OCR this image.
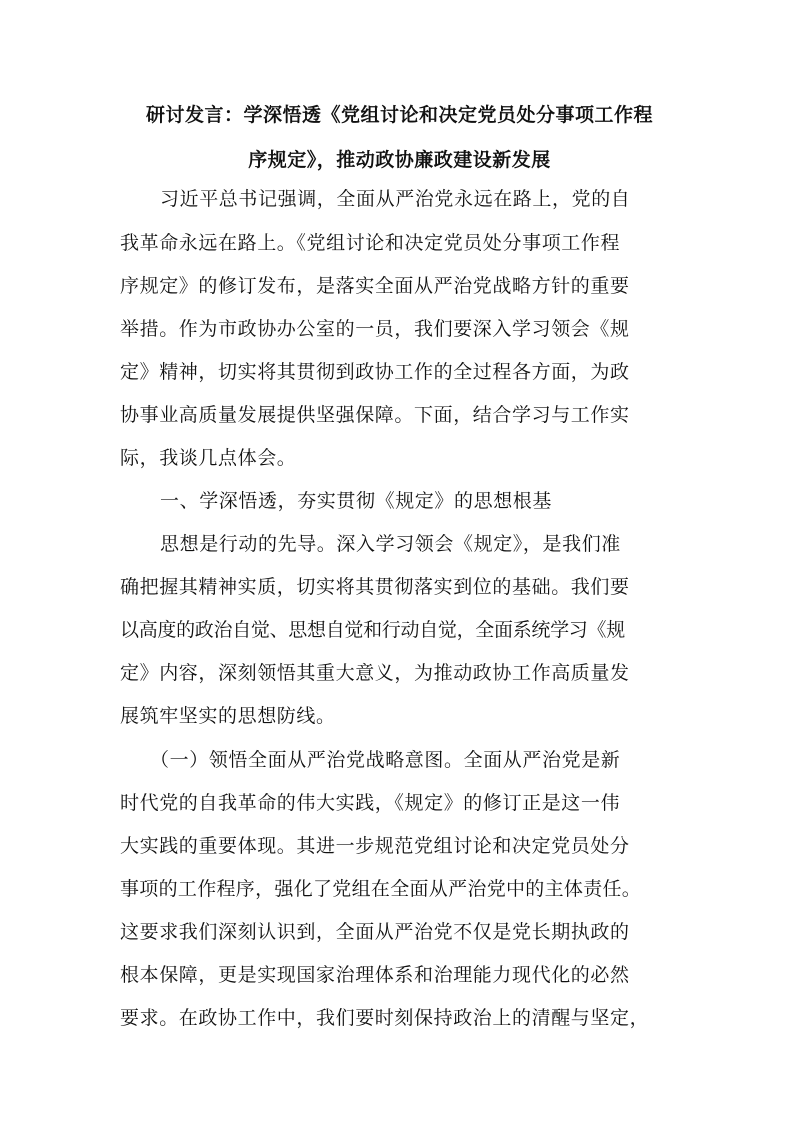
研讨发言：学深悟透《党组讨论和决定党员处分事项工作程
序规定》，推动政协廉政建设新发展
习近平总书记强调，全面从严治党永远在路上，党的自
我革命永远在路上。《党组讨论和决定党员处分事项工作程
序规定》的修订发布，是落实全面从严治党战略方针的重要
举措。作为市政协办公室的一员，我们要深入学习领会《规
定》精神，切实将其贯彻到政协工作的全过程各方面，为政
协事业高质量发展提供坚强保障。下面，结合学习与工作实
际，我谈几点体会。
一、学深悟透，夯实贯彻《规定》的思想根基
思想是行动的先导。深入学习领会《规定》，是我们准
确把握其精神实质，切实将其贯彻落实到位的基础。我们要
以高度的政治自觉、思想自觉和行动自觉，全面系统学习《规
定》内容，深刻领悟其重大意义，为推动政协工作高质量发
展筑牢坚实的思想防线。
（一）领悟全面从严治党战略意图。全面从严治党是新
时代党的自我革命的伟大实践，《规定》的修订正是这一伟
大实践的重要体现。其进一步规范党组讨论和决定党员处分
事项的工作程序，强化了党组在全面从严治党中的主体责任。
这要求我们深刻认识到，全面从严治党不仅是党长期执政的
根本保障，更是实现国家治理体系和治理能力现代化的必然
要求。在政协工作中，我们要时刻保持政治上的清醒与坚定，
